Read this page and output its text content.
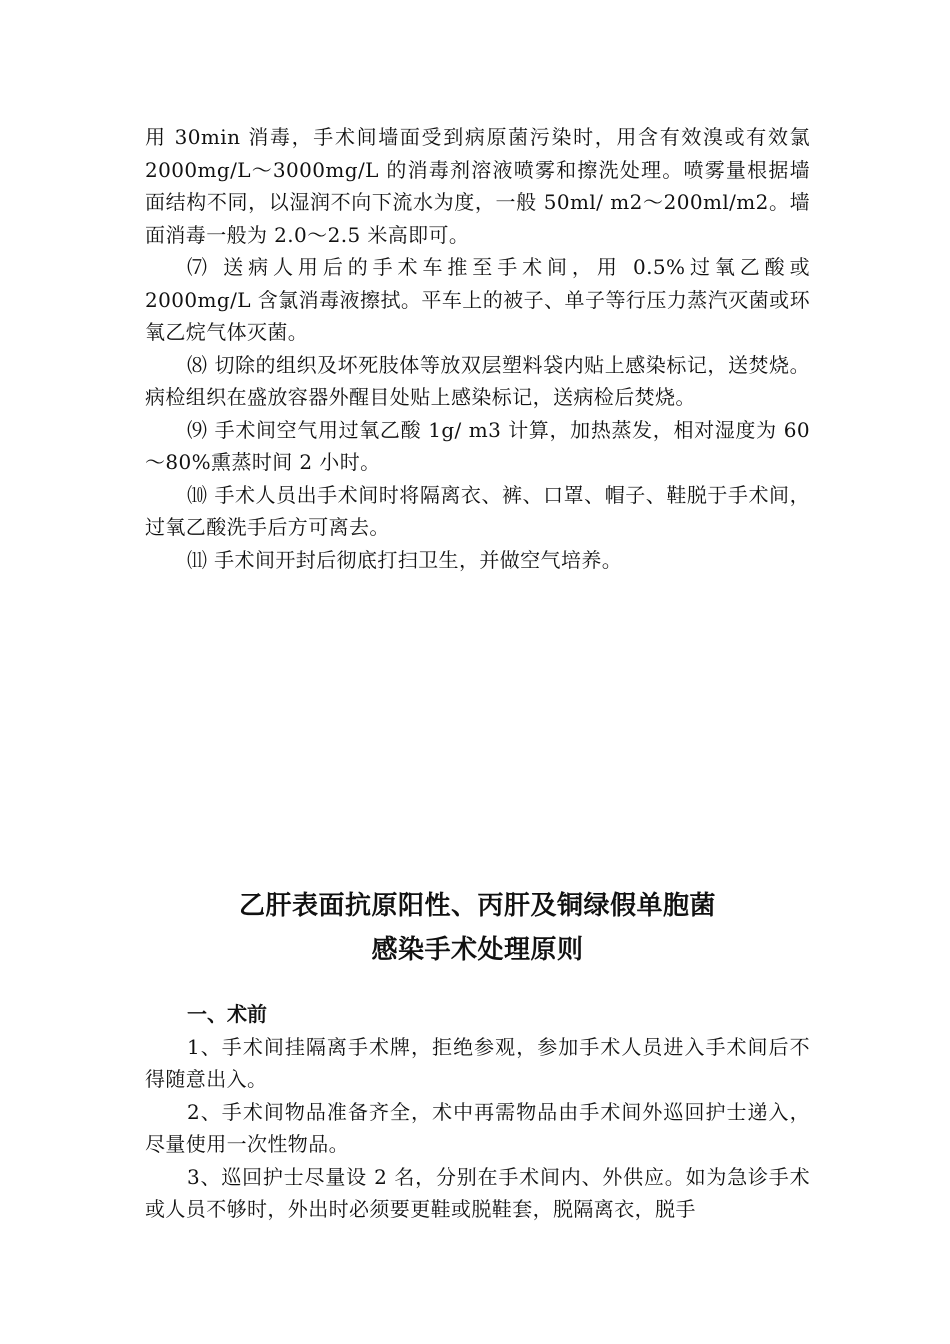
用 30min 消毒，手术间墙面受到病原菌污染时，用含有效溴或有效氯 2000mg/L～3000mg/L 的消毒剂溶液喷雾和擦洗处理。喷雾量根据墙面结构不同，以湿润不向下流水为度，一般 50ml/ m2～200ml/m2。墙面消毒一般为 2.0～2.5 米高即可。

⑺ 送病人用后的手术车推至手术间，用 0.5%过氧乙酸或 2000mg/L 含氯消毒液擦拭。平车上的被子、单子等行压力蒸汽灭菌或环氧乙烷气体灭菌。

⑻ 切除的组织及坏死肢体等放双层塑料袋内贴上感染标记，送焚烧。病检组织在盛放容器外醒目处贴上感染标记，送病检后焚烧。

⑼ 手术间空气用过氧乙酸 1g/ m3 计算，加热蒸发，相对湿度为 60～80%熏蒸时间 2 小时。

⑽ 手术人员出手术间时将隔离衣、裤、口罩、帽子、鞋脱于手术间，过氧乙酸洗手后方可离去。

⑾ 手术间开封后彻底打扫卫生，并做空气培养。

乙肝表面抗原阳性、丙肝及铜绿假单胞菌
感染手术处理原则

一、术前

1、手术间挂隔离手术牌，拒绝参观，参加手术人员进入手术间后不得随意出入。

2、手术间物品准备齐全，术中再需物品由手术间外巡回护士递入，尽量使用一次性物品。

3、巡回护士尽量设 2 名，分别在手术间内、外供应。如为急诊手术或人员不够时，外出时必须要更鞋或脱鞋套，脱隔离衣，脱手
